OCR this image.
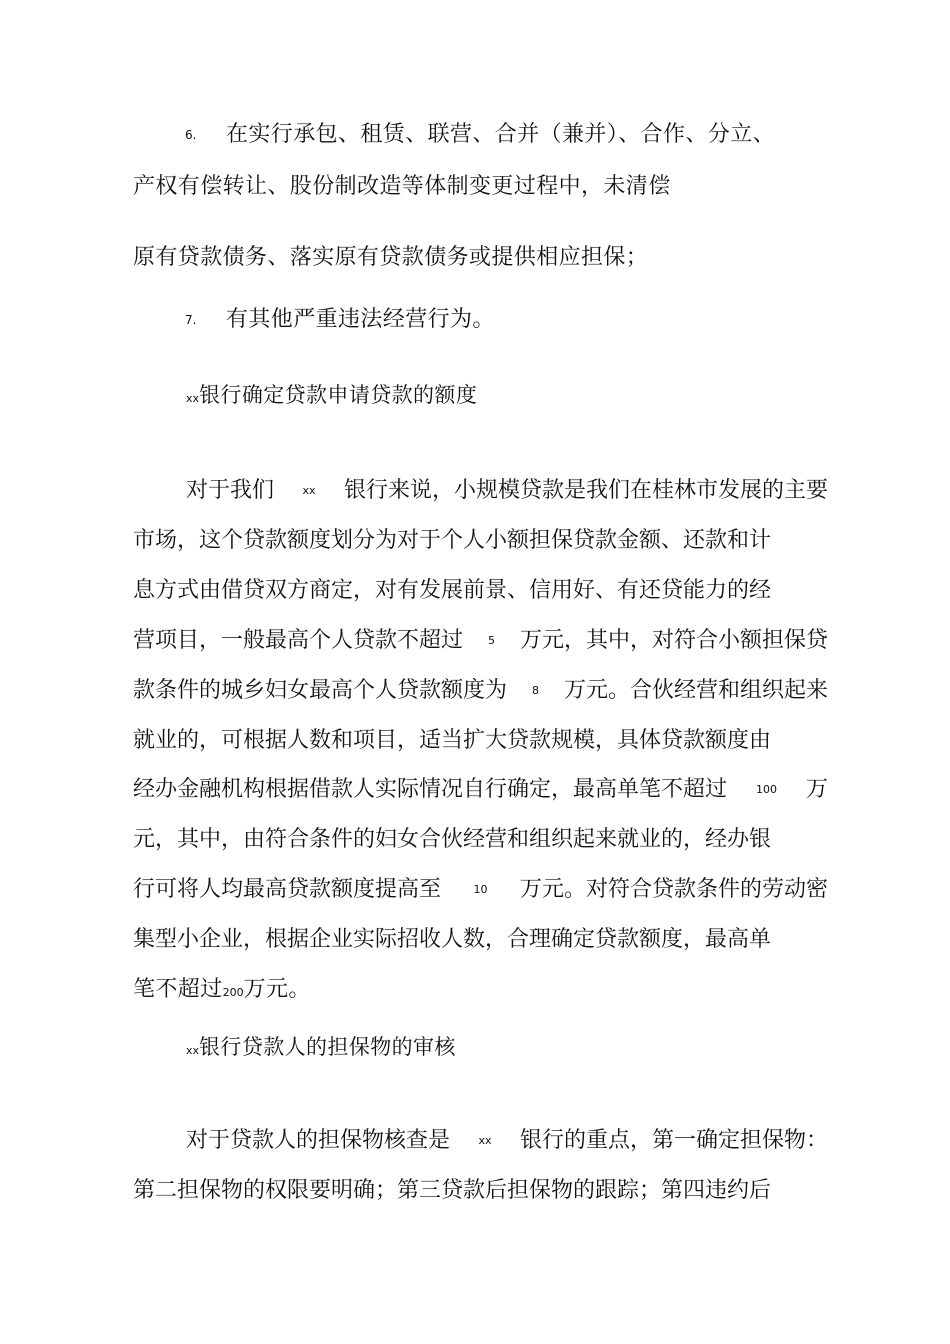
6. 在实行承包、租赁、联营、合并（兼并）、合作、分立、
产权有偿转让、股份制改造等体制变更过程中，未清偿
原有贷款债务、落实原有贷款债务或提供相应担保；
7. 有其他严重违法经营行为。
xx银行确定贷款申请贷款的额度
对于我们	xx 银行来说，小规模贷款是我们在桂林市发展的主要
市场，这个贷款额度划分为对于个人小额担保贷款金额、还款和计
息方式由借贷双方商定，对有发展前景、信用好、有还贷能力的经
营项目，一般最高个人贷款不超过 5 万元，其中，对符合小额担保贷
款条件的城乡妇女最高个人贷款额度为 8 万元。合伙经营和组织起来
就业的，可根据人数和项目，适当扩大贷款规模，具体贷款额度由
经办金融机构根据借款人实际情况自行确定，最高单笔不超过	100 万
元，其中，由符合条件的妇女合伙经营和组织起来就业的，经办银
行可将人均最高贷款额度提高至	10 万元。对符合贷款条件的劳动密
集型小企业，根据企业实际招收人数，合理确定贷款额度，最高单
笔不超过200万元。
xx银行贷款人的担保物的审核
对于贷款人的担保物核查是	xx 银行的重点，第一确定担保物：
第二担保物的权限要明确；第三贷款后担保物的跟踪；第四违约后
